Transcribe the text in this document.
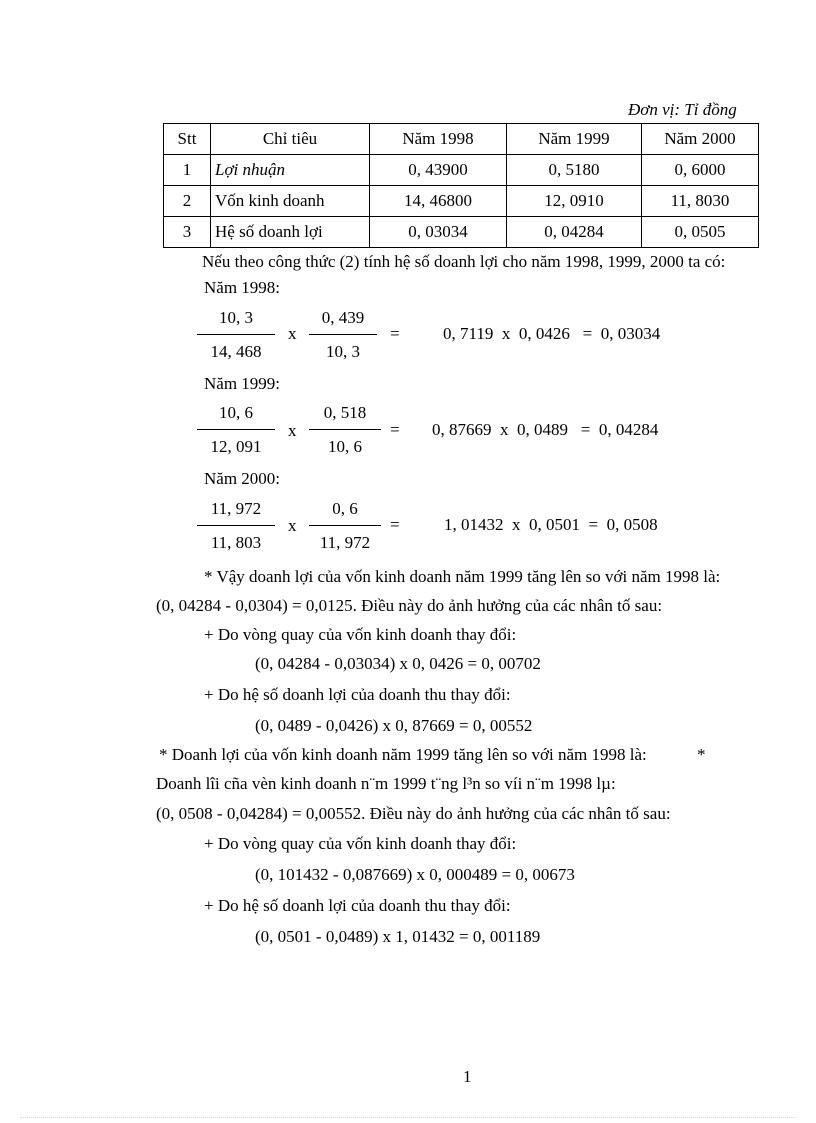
Đơn vị: Tỉ đồng
Stt	Chỉ tiêu	Năm 1998	Năm 1999	Năm 2000
1	Lợi nhuận	0, 43900	0, 5180	0, 6000
2	Vốn kinh doanh	14, 46800	12, 0910	11, 8030
3	Hệ số doanh lợi	0, 03034	0, 04284	0, 0505
Nếu theo công thức (2) tính hệ số doanh lợi cho năm 1998, 1999, 2000 ta có:
Năm 1998:
10, 3
14, 468
x
0, 439
10, 3
=	0, 7119  x  0, 0426   =  0, 03034
Năm 1999:
10, 6
12, 091
x
0, 518
10, 6
= 0, 87669  x  0, 0489   =  0, 04284
Năm 2000:
11, 972
11, 803
x
0, 6
11, 972
=	1, 01432  x  0, 0501  =  0, 0508
* Vậy doanh lợi của vốn kinh doanh năm 1999 tăng lên so với năm 1998 là:
(0, 04284 - 0,0304) = 0,0125. Điều này do ảnh hưởng của các nhân tố sau:
+ Do vòng quay của vốn kinh doanh thay đổi:
(0, 04284 - 0,03034) x 0, 0426 = 0, 00702
+ Do hệ số doanh lợi của doanh thu thay đổi:
(0, 0489 - 0,0426) x 0, 87669 = 0, 00552
* Doanh lợi của vốn kinh doanh năm 1999 tăng lên so với năm 1998 là:	*
Doanh lîi cña vèn kinh doanh n¨m 1999 t¨ng l³n so víi n¨m 1998 lµ:
(0, 0508 - 0,04284) = 0,00552. Điều này do ảnh hưởng của các nhân tố sau:
+ Do vòng quay của vốn kinh doanh thay đổi:
(0, 101432 - 0,087669) x 0, 000489 = 0, 00673
+ Do hệ số doanh lợi của doanh thu thay đổi:
(0, 0501 - 0,0489) x 1, 01432 = 0, 001189
1
